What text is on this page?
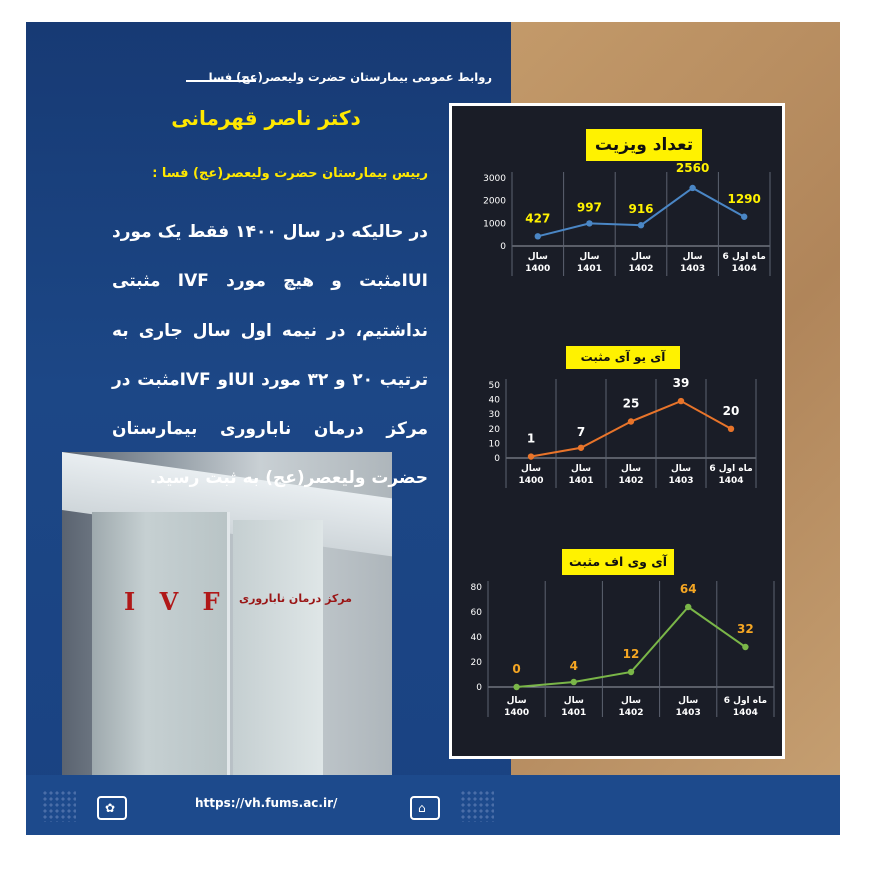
I V F مرکز درمان ناباروری
روابط عمومی بیمارستان حضرت ولیعصر(عج) فسا
دکتر ناصر قهرمانی
رییس بیمارستان حضرت ولیعصر(عج) فسا :
در حالیکه در سال ۱۴۰۰ فقط یک مورد IUIمثبت و هیچ مورد IVF مثبتی نداشتیم، در نیمه اول سال جاری به ترتیب ۲۰ و ۳۲ مورد IUIو IVFمثبت در مرکز درمان ناباروری بیمارستان حضرت ولیعصر(عج) به ثبت رسید.
تعداد ویزیت
آی یو آی مثبت
آی وی اف مثبت
0
1000
2000
3000
سال
1400
سال
1401
سال
1402
سال
1403
6 ماه اول
1404
427
997 916
2560
1290
0
10
20
30
40
50
سال
1400
سال
1401
سال
1402
سال
1403
6 ماه اول
1404
1	7
25
39
20
0
20
40
60
80
سال
1400
سال
1401
سال
1402
سال
1403
6 ماه اول
1404
0	4
12
64
32
✿	https://vh.fums.ac.ir/	⌂
